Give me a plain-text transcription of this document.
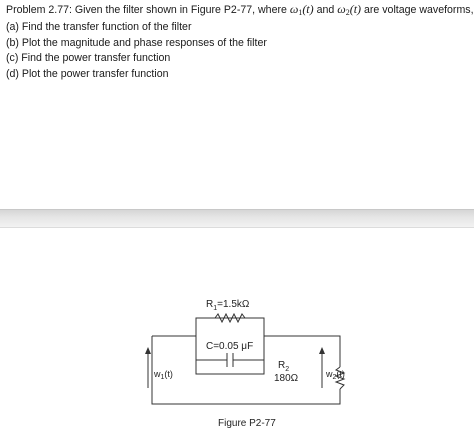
Problem 2.77: Given the filter shown in Figure P2-77, where $\omega_1(t)$ and $\omega_2(t)$ are voltage waveforms,
(a) Find the transfer function of the filter
(b) Plot the magnitude and phase responses of the filter
(c) Find the power transfer function
(d) Plot the power transfer function
$R_1=1.5k\Omega$
C=0.05 μF
$R_2$
180Ω
$w_1(t)$	$w_2(t)$
Figure P2-77
